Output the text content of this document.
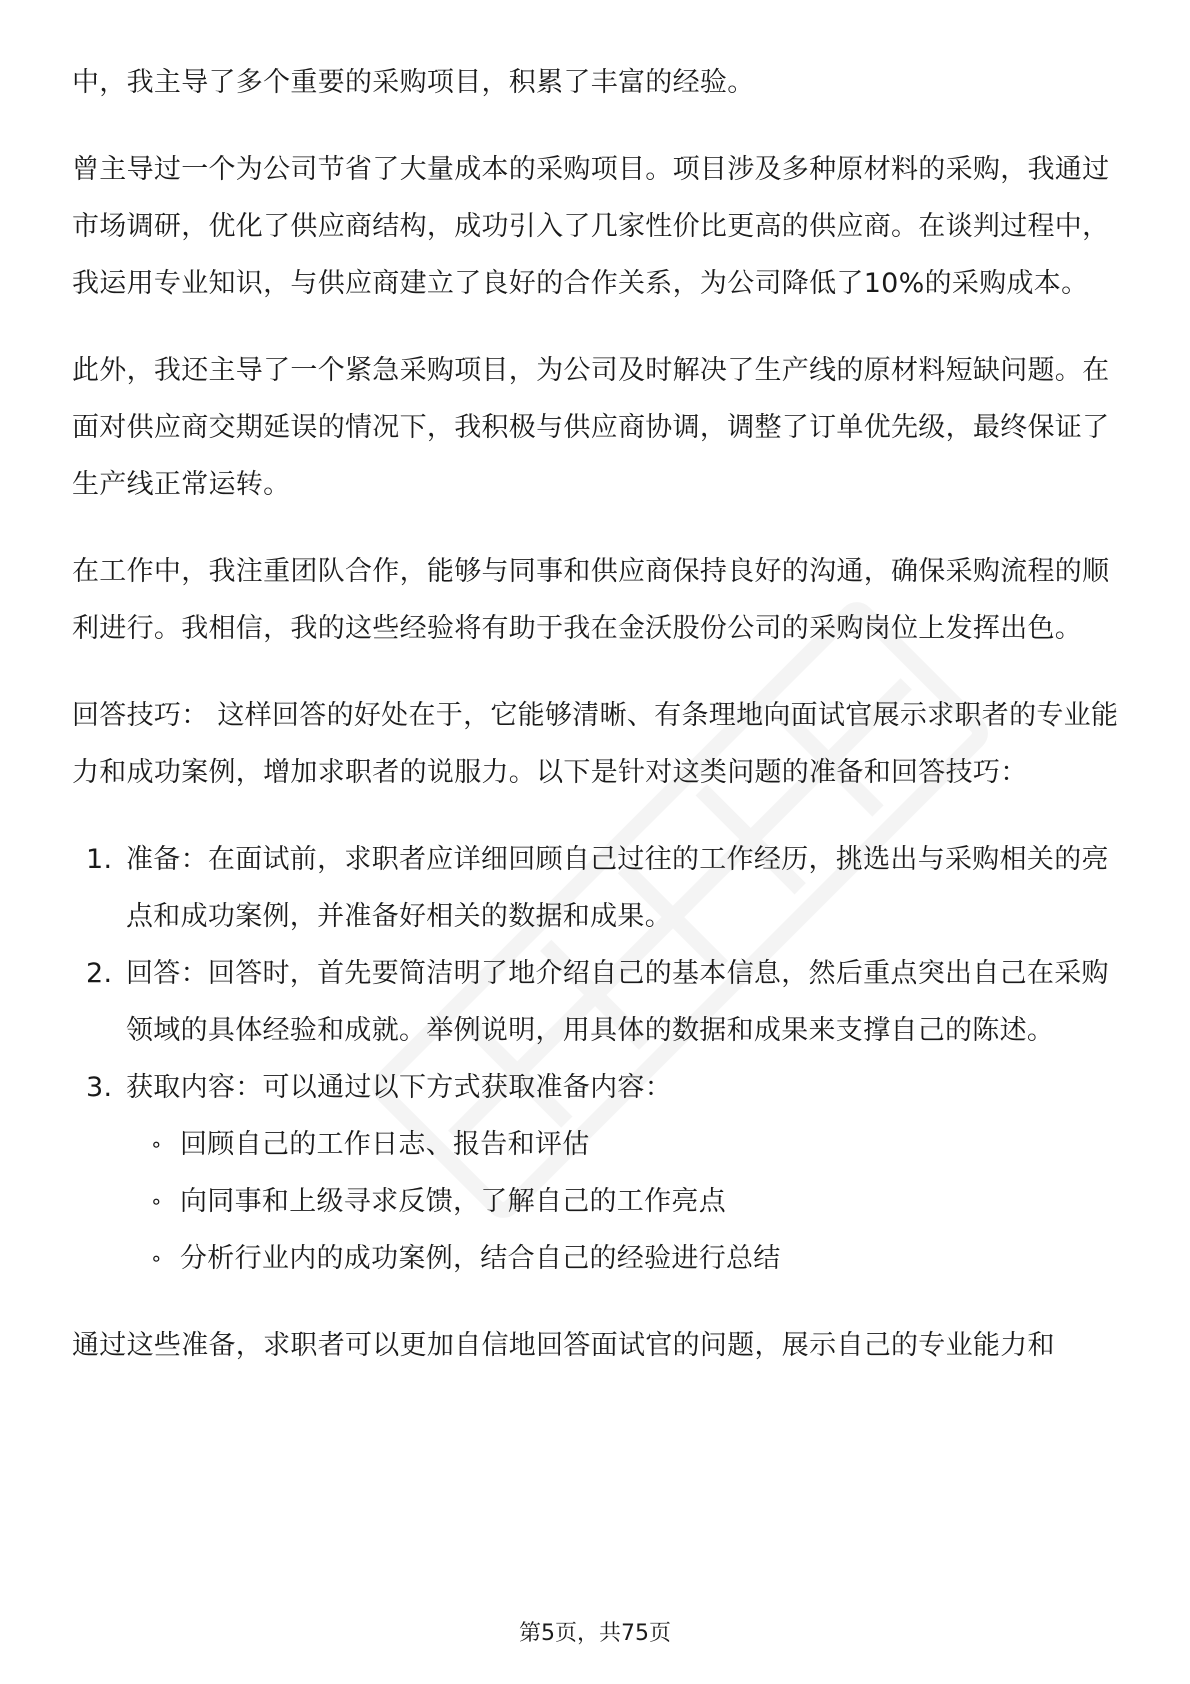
中，我主导了多个重要的采购项目，积累了丰富的经验。

曾主导过一个为公司节省了大量成本的采购项目。项目涉及多种原材料的采购，我通过市场调研，优化了供应商结构，成功引入了几家性价比更高的供应商。在谈判过程中，我运用专业知识，与供应商建立了良好的合作关系，为公司降低了10%的采购成本。

此外，我还主导了一个紧急采购项目，为公司及时解决了生产线的原材料短缺问题。在面对供应商交期延误的情况下，我积极与供应商协调，调整了订单优先级，最终保证了生产线正常运转。

在工作中，我注重团队合作，能够与同事和供应商保持良好的沟通，确保采购流程的顺利进行。我相信，我的这些经验将有助于我在金沃股份公司的采购岗位上发挥出色。

回答技巧： 这样回答的好处在于，它能够清晰、有条理地向面试官展示求职者的专业能力和成功案例，增加求职者的说服力。以下是针对这类问题的准备和回答技巧：

1. 准备：在面试前，求职者应详细回顾自己过往的工作经历，挑选出与采购相关的亮点和成功案例，并准备好相关的数据和成果。
2. 回答：回答时，首先要简洁明了地介绍自己的基本信息，然后重点突出自己在采购领域的具体经验和成就。举例说明，用具体的数据和成果来支撑自己的陈述。
3. 获取内容：可以通过以下方式获取准备内容：
∘ 回顾自己的工作日志、报告和评估
∘ 向同事和上级寻求反馈，了解自己的工作亮点
∘ 分析行业内的成功案例，结合自己的经验进行总结

通过这些准备，求职者可以更加自信地回答面试官的问题，展示自己的专业能力和

第5页，共75页
